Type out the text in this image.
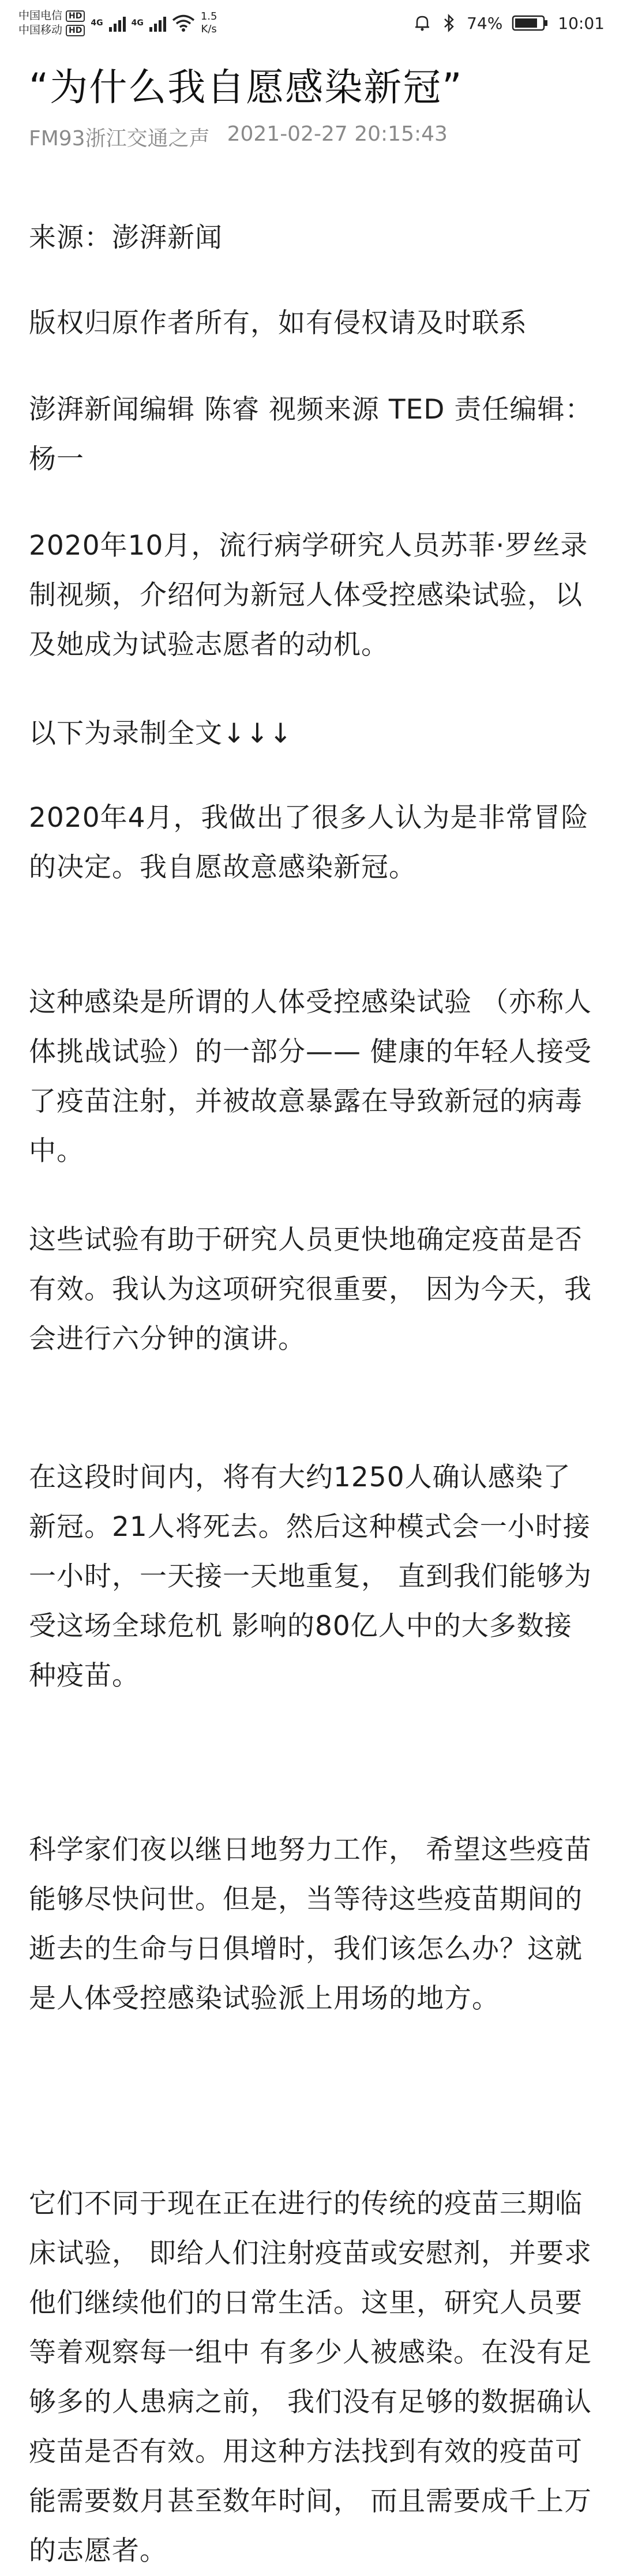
中国电信 HD
中国移动 HD
4G	4G
1.5
K/s	74%	10:01
“为什么我自愿感染新冠”
FM93浙江交通之声 2021-02-27 20:15:43

来源：澎湃新闻

版权归原作者所有，如有侵权请及时联系

澎湃新闻编辑 陈睿 视频来源 TED 责任编辑：杨一

2020年10月，流行病学研究人员苏菲·罗丝录制视频，介绍何为新冠人体受控感染试验，以及她成为试验志愿者的动机。

以下为录制全文↓↓↓

2020年4月，我做出了很多人认为是非常冒险的决定。我自愿故意感染新冠。

这种感染是所谓的人体受控感染试验 （亦称人体挑战试验）的一部分—— 健康的年轻人接受了疫苗注射，并被故意暴露在导致新冠的病毒中。

这些试验有助于研究人员更快地确定疫苗是否有效。我认为这项研究很重要， 因为今天，我会进行六分钟的演讲。

在这段时间内，将有大约1250人确认感染了新冠。21人将死去。然后这种模式会一小时接一小时，一天接一天地重复， 直到我们能够为受这场全球危机 影响的80亿人中的大多数接种疫苗。

科学家们夜以继日地努力工作， 希望这些疫苗能够尽快问世。但是，当等待这些疫苗期间的逝去的生命与日俱增时，我们该怎么办？这就是人体受控感染试验派上用场的地方。

它们不同于现在正在进行的传统的疫苗三期临床试验， 即给人们注射疫苗或安慰剂，并要求他们继续他们的日常生活。这里，研究人员要等着观察每一组中 有多少人被感染。在没有足够多的人患病之前， 我们没有足够的数据确认疫苗是否有效。用这种方法找到有效的疫苗可能需要数月甚至数年时间， 而且需要成千上万的志愿者。
